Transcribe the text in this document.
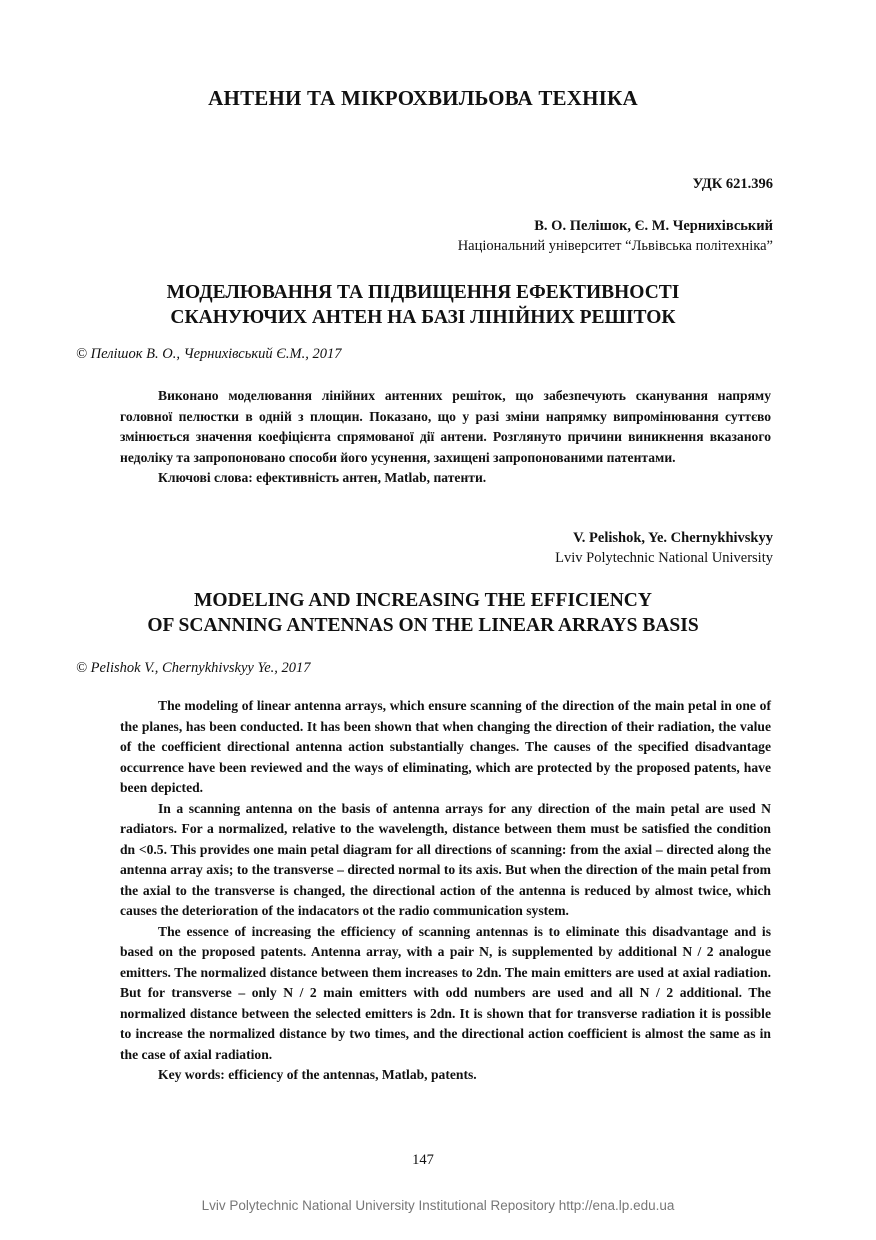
АНТЕНИ ТА МІКРОХВИЛЬОВА ТЕХНІКА
УДК 621.396
В. О. Пелішок, Є. М. Черниxівський
Національний університет “Львівська політехніка”
МОДЕЛЮВАННЯ ТА ПІДВИЩЕННЯ ЕФЕКТИВНОСТІ
СКАНУЮЧИХ АНТЕН НА БАЗІ ЛІНІЙНИХ РЕШІТОК
© Пелішок В. О., Черниxівський Є.М., 2017

Виконано моделювання лінійних антенних решіток, що забезпечують сканування напряму головної пелюстки в одній з площин. Показано, що у разі зміни напрямку випромінювання суттєво змінюється значення коефіцієнта спрямованої дії антени. Розглянуто причини виникнення вказаного недоліку та запропоновано способи його усунення, захищені запропонованими патентами.

Ключові слова: ефективність антен, Matlab, патенти.

V. Pelishok, Ye. Chernykhivskyy
Lviv Polytechnic National University
MODELING AND INCREASING THE EFFICIENCY
OF SCANNING ANTENNAS ON THE LINEAR ARRAYS BASIS
© Pelishok V., Chernykhivskyy Ye., 2017

The modeling of linear antenna arrays, which ensure scanning of the direction of the main petal in one of the planes, has been conducted. It has been shown that when changing the direction of their radiation, the value of the coefficient directional antenna action substantially changes. The causes of the specified disadvantage occurrence have been reviewed and the ways of eliminating, which are protected by the proposed patents, have been depicted.

In a scanning antenna on the basis of antenna arrays for any direction of the main petal are used N radiators. For a normalized, relative to the wavelength, distance between them must be satisfied the condition dn <0.5. This provides one main petal diagram for all directions of scanning: from the axial – directed along the antenna array axis; to the transverse – directed normal to its axis. But when the direction of the main petal from the axial to the transverse is changed, the directional action of the antenna is reduced by almost twice, which causes the deterioration of the indacators ot the radio communication system.

The essence of increasing the efficiency of scanning antennas is to eliminate this disadvantage and is based on the proposed patents. Antenna array, with a pair N, is supplemented by additional N / 2 analogue emitters. The normalized distance between them increases to 2dn. The main emitters are used at axial radiation. But for transverse – only N / 2 main emitters with odd numbers are used and all N / 2 additional. The normalized distance between the selected emitters is 2dn. It is shown that for transverse radiation it is possible to increase the normalized distance by two times, and the directional action coefficient is almost the same as in the case of axial radiation.

Key words: efficiency of the antennas, Matlab, patents.

147
Lviv Polytechnic National University Institutional Repository http://ena.lp.edu.ua
